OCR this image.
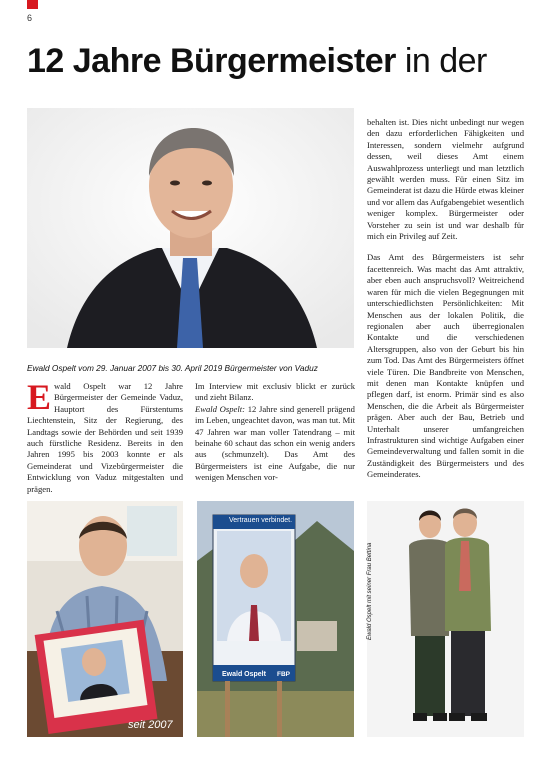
6
12 Jahre Bürgermeister in der
Ewald Ospelt vom 29. Januar 2007 bis 30. April 2019 Bürgermeister von Vaduz

Ewald Ospelt war 12 Jahre Bürgermeister der Gemeinde Vaduz, Hauptort des Fürstentums Liechtenstein, Sitz der Regierung, des Landtags sowie der Behörden und seit 1939 auch fürstliche Residenz. Bereits in den Jahren 1995 bis 2003 konnte er als Gemeinderat und Vizebürgermeister die Entwicklung von Vaduz mitgestalten und prägen.

Im Interview mit exclusiv blickt er zurück und zieht Bilanz.
Ewald Ospelt: 12 Jahre sind generell prägend im Leben, ungeachtet davon, was man tut. Mit 47 Jahren war man voller Tatendrang – mit beinahe 60 schaut das schon ein wenig anders aus (schmunzelt). Das Amt des Bürgermeisters ist eine Aufgabe, die nur wenigen Menschen vor-

behalten ist. Dies nicht unbedingt nur wegen den dazu erforderlichen Fähigkeiten und Interessen, sondern vielmehr aufgrund dessen, weil dieses Amt einem Auswahlprozess unterliegt und man letztlich gewählt werden muss. Für einen Sitz im Gemeinderat ist dazu die Hürde etwas kleiner und vor allem das Aufgabengebiet wesentlich weniger komplex. Bürgermeister oder Vorsteher zu sein ist und war deshalb für mich ein Privileg auf Zeit.

Das Amt des Bürgermeisters ist sehr facettenreich. Was macht das Amt attraktiv, aber eben auch anspruchsvoll? Weitreichend waren für mich die vielen Begegnungen mit unterschiedlichsten Persönlichkeiten: Mit Menschen aus der lokalen Politik, die regionalen aber auch überregionalen Kontakte und die verschiedenen Altersgruppen, also von der Geburt bis hin zum Tod. Das Amt des Bürgermeisters öffnet viele Türen. Die Bandbreite von Menschen, mit denen man Kontakte knüpfen und pflegen darf, ist enorm. Primär sind es also Menschen, die die Arbeit als Bürgermeister prägen. Aber auch der Bau, Betrieb und Unterhalt unserer umfangreichen Infrastrukturen sind wichtige Aufgaben einer Gemeindeverwaltung und fallen somit in die Zuständigkeit des Bürgermeisters und des Gemeinderates.

seit 2007
Vertrauen verbindet.
Ewald Ospelt	FBP
Ewald Ospelt mit seiner Frau Bettina
